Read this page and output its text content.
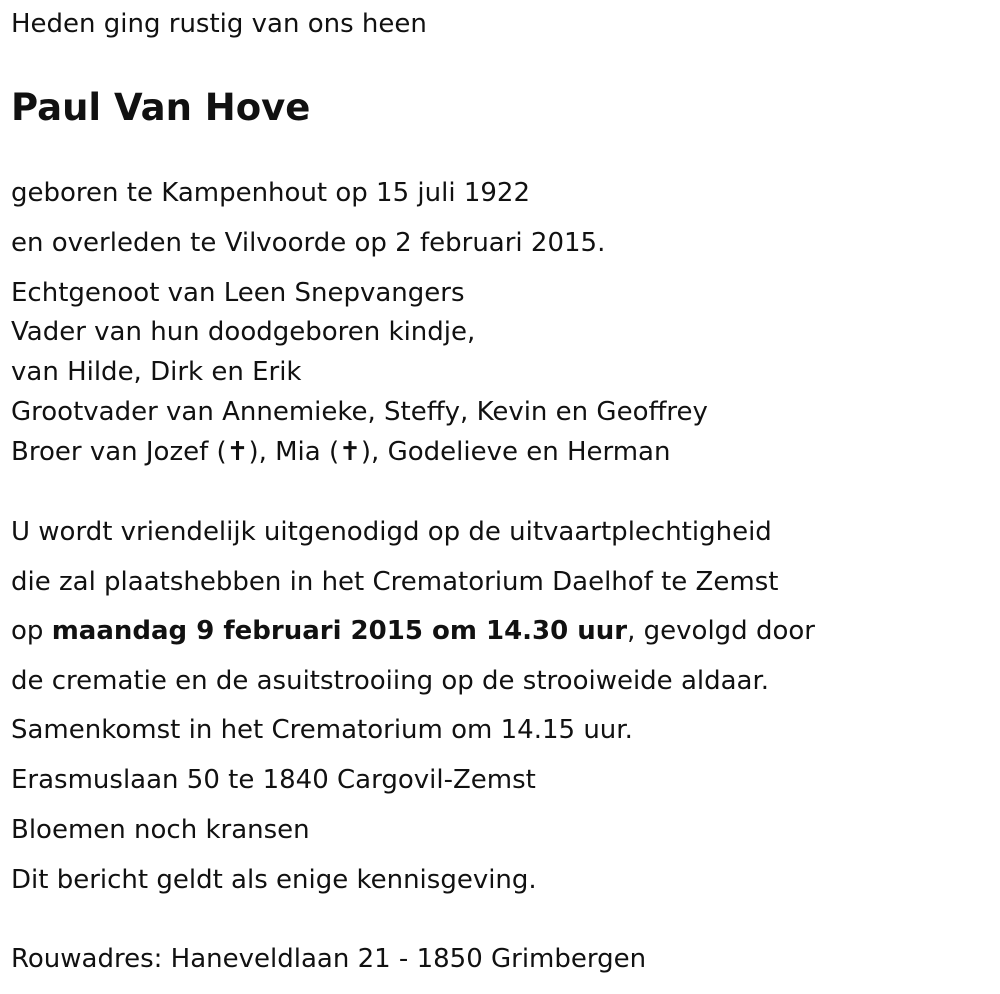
Heden ging rustig van ons heen

Paul Van Hove

geboren te Kampenhout op 15 juli 1922

en overleden te Vilvoorde op 2 februari 2015.

Echtgenoot van Leen Snepvangers

Vader van hun doodgeboren kindje,

van Hilde, Dirk en Erik

Grootvader van Annemieke, Steffy, Kevin en Geoffrey

Broer van Jozef (✝), Mia (✝), Godelieve en Herman

U wordt vriendelijk uitgenodigd op de uitvaartplechtigheid

die zal plaatshebben in het Crematorium Daelhof te Zemst

op maandag 9 februari 2015 om 14.30 uur, gevolgd door

de crematie en de asuitstrooiing op de strooiweide aldaar.

Samenkomst in het Crematorium om 14.15 uur.

Erasmuslaan 50 te 1840 Cargovil-Zemst

Bloemen noch kransen

Dit bericht geldt als enige kennisgeving.

Rouwadres: Haneveldlaan 21 - 1850 Grimbergen
